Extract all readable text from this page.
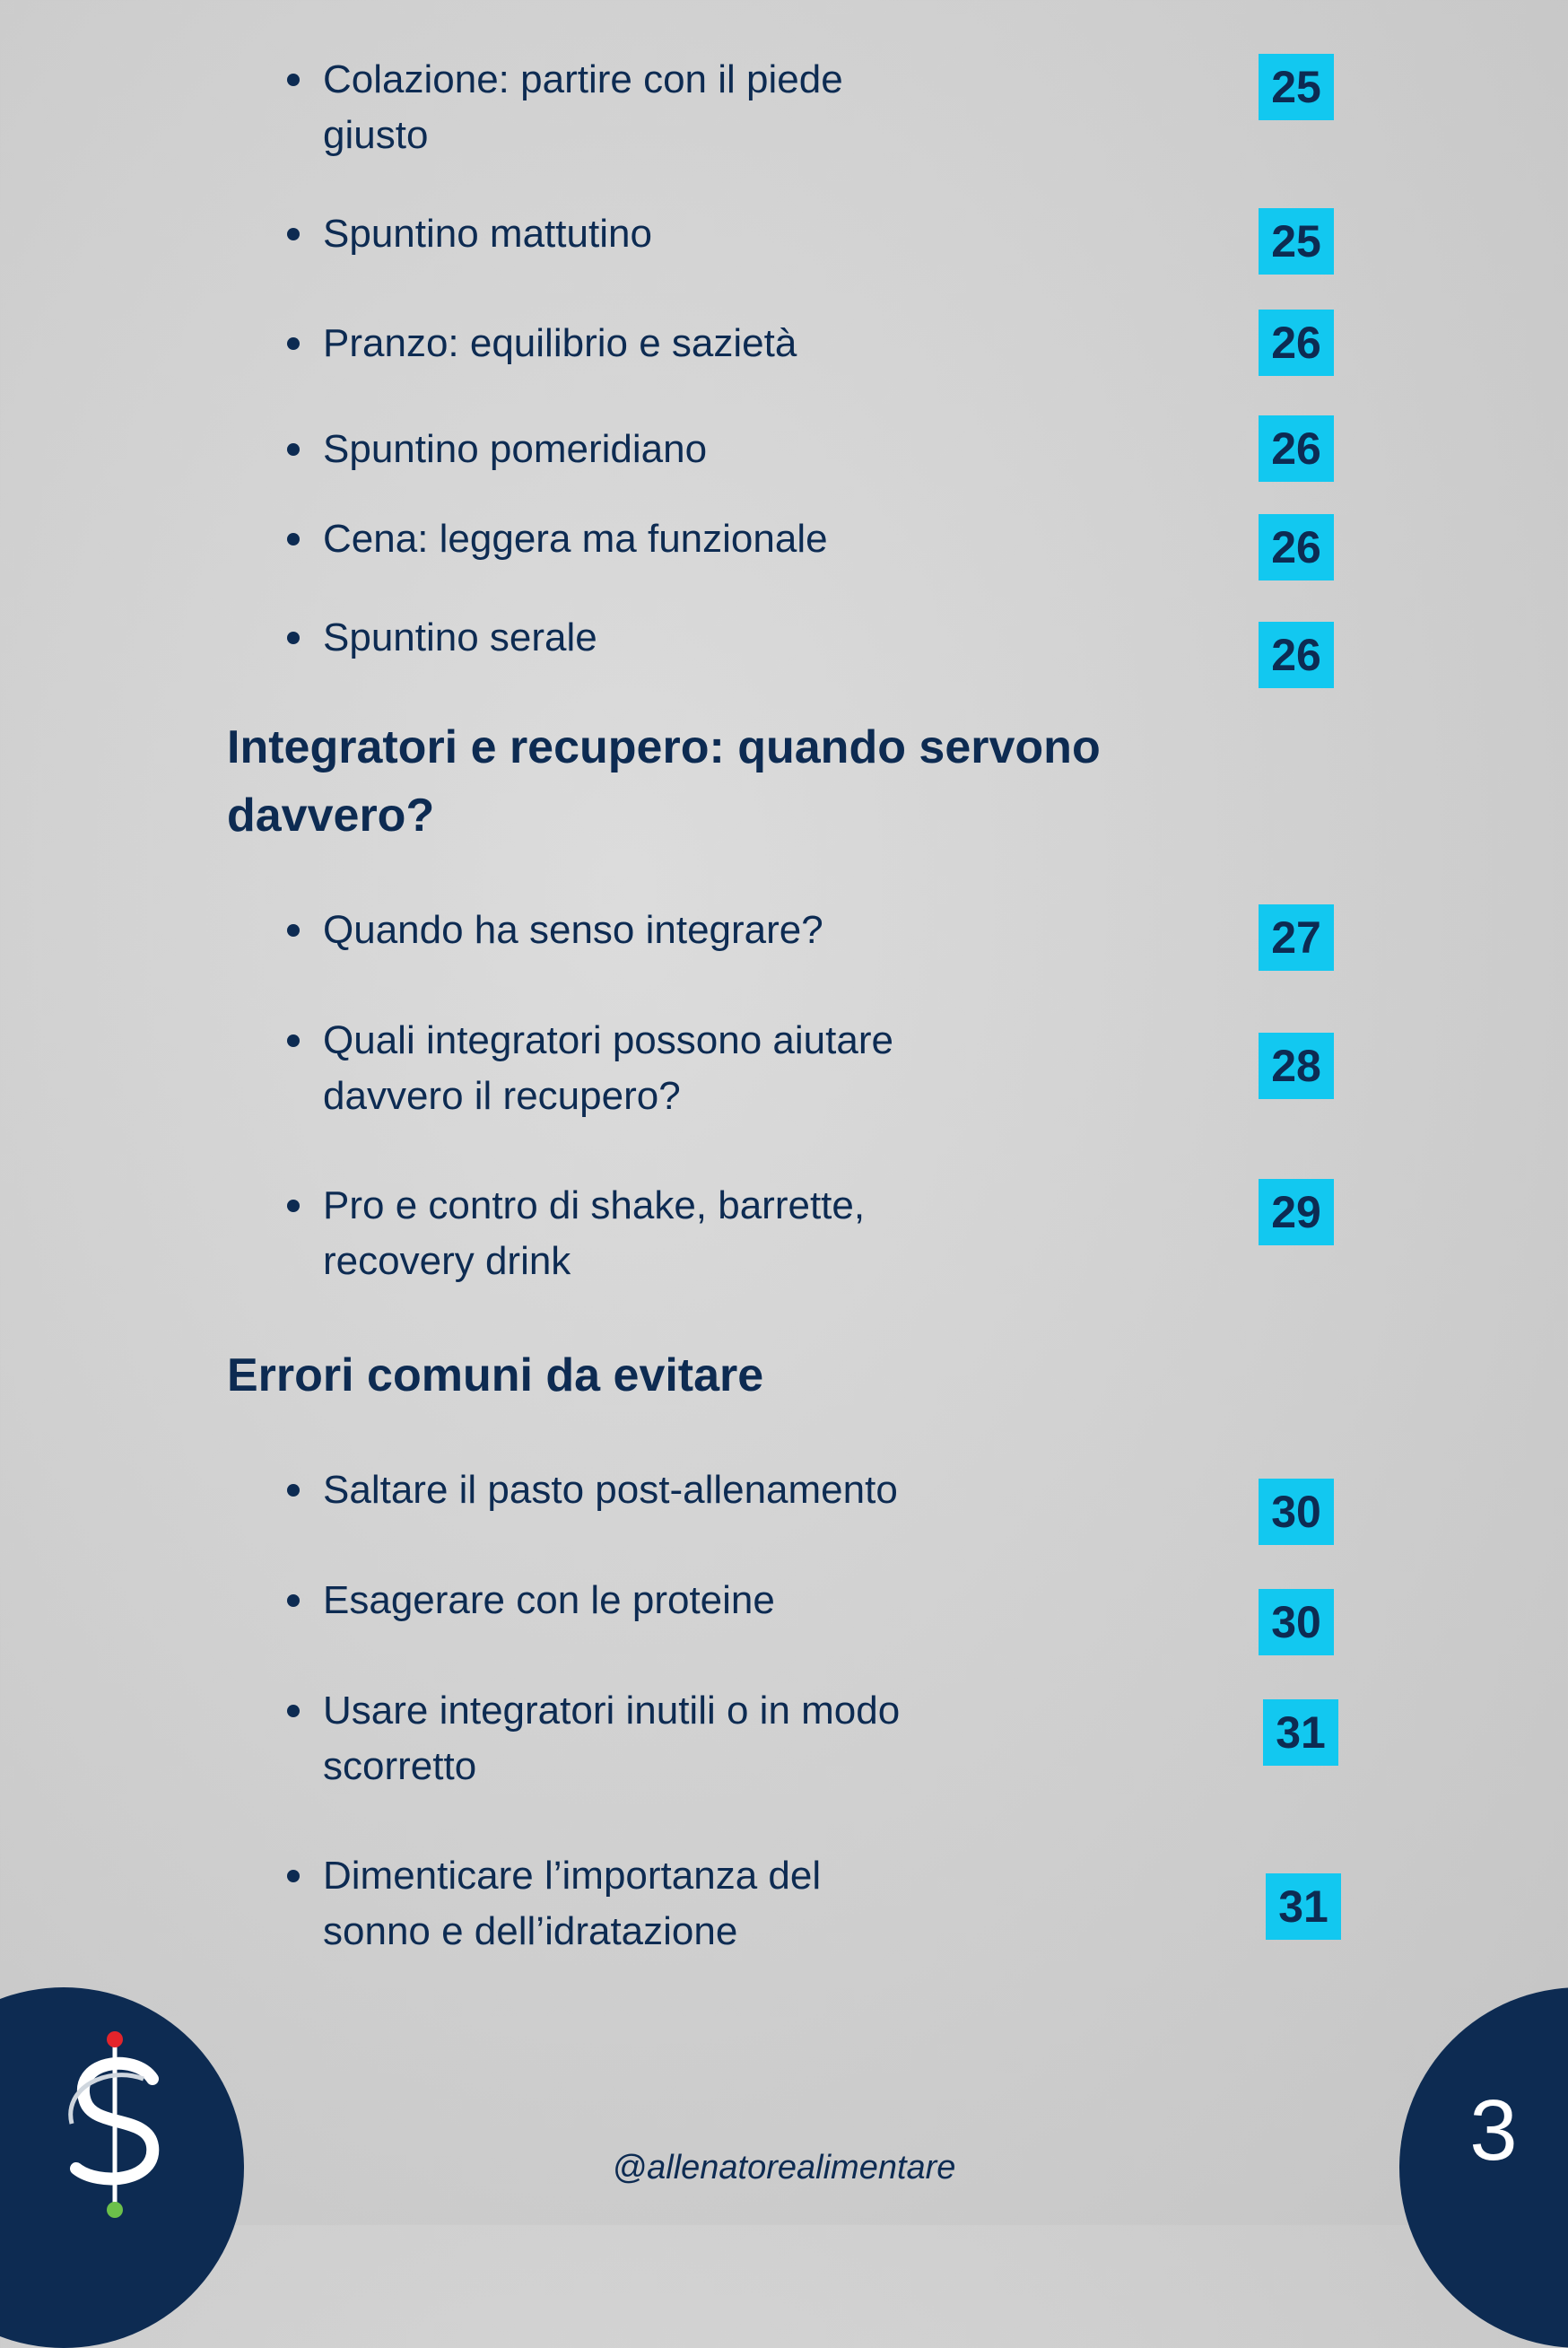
Colazione: partire con il piede
giusto
25
Spuntino mattutino	25
Pranzo: equilibrio e sazietà	26
Spuntino pomeridiano	26
Cena: leggera ma funzionale	26
Spuntino serale	26
Integratori e recupero: quando servono
davvero?
Quando ha senso integrare?	27
Quali integratori possono aiutare
davvero il recupero?
28
Pro e contro di shake, barrette,
recovery drink
29
Errori comuni da evitare
Saltare il pasto post-allenamento	30
Esagerare con le proteine	30
Usare integratori inutili o in modo
scorretto
31
Dimenticare l’importanza del
sonno e dell’idratazione	31
3
@allenatorealimentare
